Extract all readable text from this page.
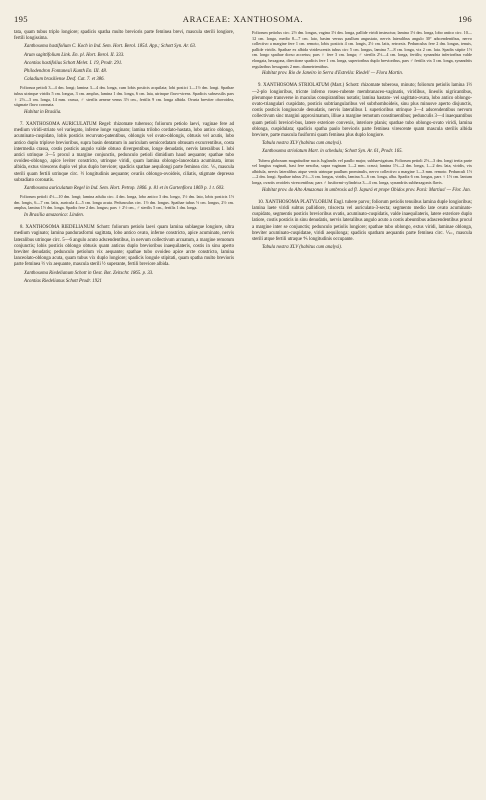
195	ARACEAE: XANTHOSOMA.	196

tata, quam tubus triplo longiore; spadicis spatha multo brevioris parte feminea brevi, mascula sterili longiore, fertili longissima.

Xanthosoma hastifolium C. Koch in Ind. Sem. Hort. Berol. 1854. App.; Schott Syn. Ar. 63.

Arum sagittifolium Link. En. pl. Hort. Berol. II. 333.

Acontias hastifolius Schott Melet. I. 19, Prodr. 291.

Philodendron Fontanesii Kunth En. III. 48.

Caladium brasiliense Desf. Cat. 7. et 386.

Folioruм petioli 3—4 dm. longi; lamina 3—4 dm. longa, cum lobis posticis acquilata; lobi postici 1—1½ dm. longi. Spathae tubus utrinque viridis 5 cm. longus, 3 cm. amplus, lamina 1 dm. longa, 6 cm. lata, utrinque flavo-virens. Spadicis subsessilis pars ♀ 2½—3 cm. longa, 14 mm. crassa, ♂ sterilis aeneae venus 3½ cm., fertilis 9 cm. longa albida. Ovaria breviter obovoidea, stigmate flavo coronata.

Habitat in Brasilia.

7. XANTHOSOMA AURICULATUM Regel: rhizomate tuberoso; foliorum petiolo laevi, vaginae fere ad medium viridi-striato vel variegato, inferne longe vaginato; lamina trilobo cordato-hastata, lobo antico oblongo, acuminato-cuspidato, lobis posticis recurvato-patentibus, oblongis vel ovato-oblongis, obtusis vel acutis, lobo antico duplo triplove brevioribus, supra basin dentatum in auriculam semicordatam obtusam excurrentibus, costa intermedia crassa, costis posticis angulo valde obtuso divergentibus, longe denudatis, nervis lateralibus I. lobi antici utrinque 3—5 procul a margine conjunctis, pedunculo petioli dimidium haud aequante; spathae tubo ovoideo-oblongo, apice leviter constricto, utrinque viridi, quam lamina oblongo-lanceolata acuminata, intus albida, extus virescens duplo vel plus duplo breviore; spadicis spathae aequilongi parte feminea circ. ⅙, mascula sterili quam fertili utrinque circ. ½ longitudinis aequante; ovariis oblongo-ovoideis, ciliatis, stigmate depresso subradiato coronatis.

Xanthosoma auriculatum Regel in Ind. Sem. Hort. Petrop. 1866. p. 81 et in Gartenflora 1869 p. 1 t. 603.

Foliorum petioli 4½—10 dm. longi; lamina adulta circ. 4 dm. longa, lobo antico 3 dm. longo, 1½ dm. lato, lobis posticis 1½ dm. longis, 6—7 cm. latis, auricula 4—5 cm. longa acuta. Pedunculus circ. 1½ dm. longus. Spathae tubus ½ cm. longus, 2½ cm. amplus, lamina 1½ dm. longa. Spadix fere 2 dm. longus; pars ♀ 2½ cm., ♂ sterilis 5 cm., fertilis 1 dm. longa.

In Brasilia amazonica: Linden.

8. XANTHOSOMA RIEDELIANUM Schott: foliorum petiolo laevi quam lamina sublaegue longiore, ultra medium vaginato; lamina pandurasformi sagittata, lobo antico ovato, inferne constricto, apice acuminato, nervis lateralibus utrinque circ. 5—6 angulo acuto adscendentibus, in nervum collectivum arcuatum, a margine remotum conjunctis; lobis posticis oblongo obtusis quam anticus duplo brevioribus inaequilateris, costis in sinu aperto breviter denudatis; pedunculo petiolum vix aequante; spathae tubo ovoideo apice arcte constricto, lamina lanceolato-oblonga acuta, quam tubus vix duplo longiore; spadicis longule stipitati, quam spatha multo brevioris parte feminea ½ vix aequante, mascula sterili ½ superante, fertili breviore albida.

Xanthosoma Riedelianum Schott in Oest. Bot. Zeitschr. 1865. p. 33.

Acontias Riedelianus Schott Prodr. 1921

Foliorum petiolus circ. 2½ dm. longus, vagina 1½ dm. longa, pallide viridi instructus; lamina 1½ dm. longa, lobo antico circ. 10—12 cm. longo, medio 8—7 cm. lato, basim versus paullum angustato, nervis lateralibus angulo 30° adscendentibus, nervo collectivo a margine fere 1 cm. remoto, lobis posticis 4 cm. longis, 2½ cm. latis, retrorsis. Pedunculus fere 2 dm. longus, tenuis, pallide viridis. Spathae ex albida viridescentis tubus circ 5 cm. longus, lamina 7—8 cm. longa, vix 2 cm. lata. Spadix stipite 1½ cm. longo spathae dorso accretus; pars ♀ fere 3 cm. longa; ♂ sterilis 2½—4 cm. longa, fertilis; synandria inferioribus valde elongata, hexagona, directione spadicis fere 1 cm. longa, superioribus duplo brevioribus, pars ♂ fertilis vix 3 cm. longa, synandriis regularibus hexagonis 2 mm. diametrientibus.

Habitat prov. Rio de Janeiro in Serra d'Estrella: Riedel! — Flora Martin.

9. XANTHOSOMA STRIOLATUM (Mart.) Schott: rhizomate tuberoso, minuto; foliorum petiolis lamina 1½—2-plo longioribus, tricnte inferno roseo-rubente membranaceo-vaginatis, viridibus, lineolis nigricantibus, plerumque transverse in maculas conspirantibus notatis; lamina hastato- vel sagittato-ovata, lobo antico oblongo-ovato-triangulari cuspidato, posticis subtriangularibus vel subrhomboideis, sinu plus minusve aperto disjunctis, costis posticis longiuscule denudatis, nervis lateralibus I. superioribus utrinque 3—4 adscendentibus nervum collectivum sinc margini approximatum, illiue a margine remotum constituentibus; pedunculis 3—4 inaequantibus quam petioli breviori-bus, latere exteriore convexis, interiore planis; spathae tubo oblongo-ovato viridi, lamina oblonga, cuspidulata; spadicis spatha paulo brevioris parte feminea virescente quam mascula sterilis albida breviore, parte mascula fusiformi quam feminea plus duplo longiore.

Tabula nostra XLV (habitus cum analysi).

Xanthosoma striolatum Mart. in schedula; Schott Syn. Ar. 61, Prodr. 165.

Tubera globosum magnitudine nucis Juglandis vel paullo major, subhaevigatum. Foliorum petioli 2½—3 dm. longi tertia parte vel longius vaginati, basi fere nesciba, supra vaginam 1—2 mm. crassi; lamina 1½—2 dm. longa, 1—2 dm. lata, viridis, vix albidula, nervis lateralibus atque venis utrinque paullum prominulis, nervo collectivo a margine 1—3 mm. remoto. Pedunculi 1½—2 dm. longi. Spathae tubus 2½—3 cm. longus, viridis, lamina 5—6 cm. longa, alba. Spadix 6 cm. longus, pars ♀ 1½ cm. lantum longa, ovariis ovoideis virescentibus; pars ♂ fusiformi-cylindrica 3—4 cm. longa, synandriis subhexagonis flavis.

Habitat prov. do Alto Amazonas in umbrosis ad fl. Japurá et prope Obidos prov. Pará: Martius! — Flor. Jan.

10. XANTHOSOMA PLATYLOBUM Engl. tubere parvo; foliorum petiolis tenuibus lamina duple longioribus; lamina laete viridi subtus pallidiore, triscecta vel auriculato-3-secta; segmento medio late ovato acuminato-cuspidato, segmentis posticis brevioribus ovatis, acuminato-cuspidatis, valde inaequilateris, latere exteriore duplo latiore, costis posticis in sinu denudatis, nervis lateralibus angulo acuto a costis abeuntibus adascendentibus procul a margine inter se conjunctis; pedunculo petiolis longiore; spathae tubo oblongo, extus viridi, laminae oblonga, breviter acuminato-cuspidatae, viridi aequilonga; spadicis spatham aequantis parte feminea circ. ⅒, mascula sterili atque fertili utraque ⅘ longitudinis occupante.

Tabula nostra XLV (habitus cum analysi).
